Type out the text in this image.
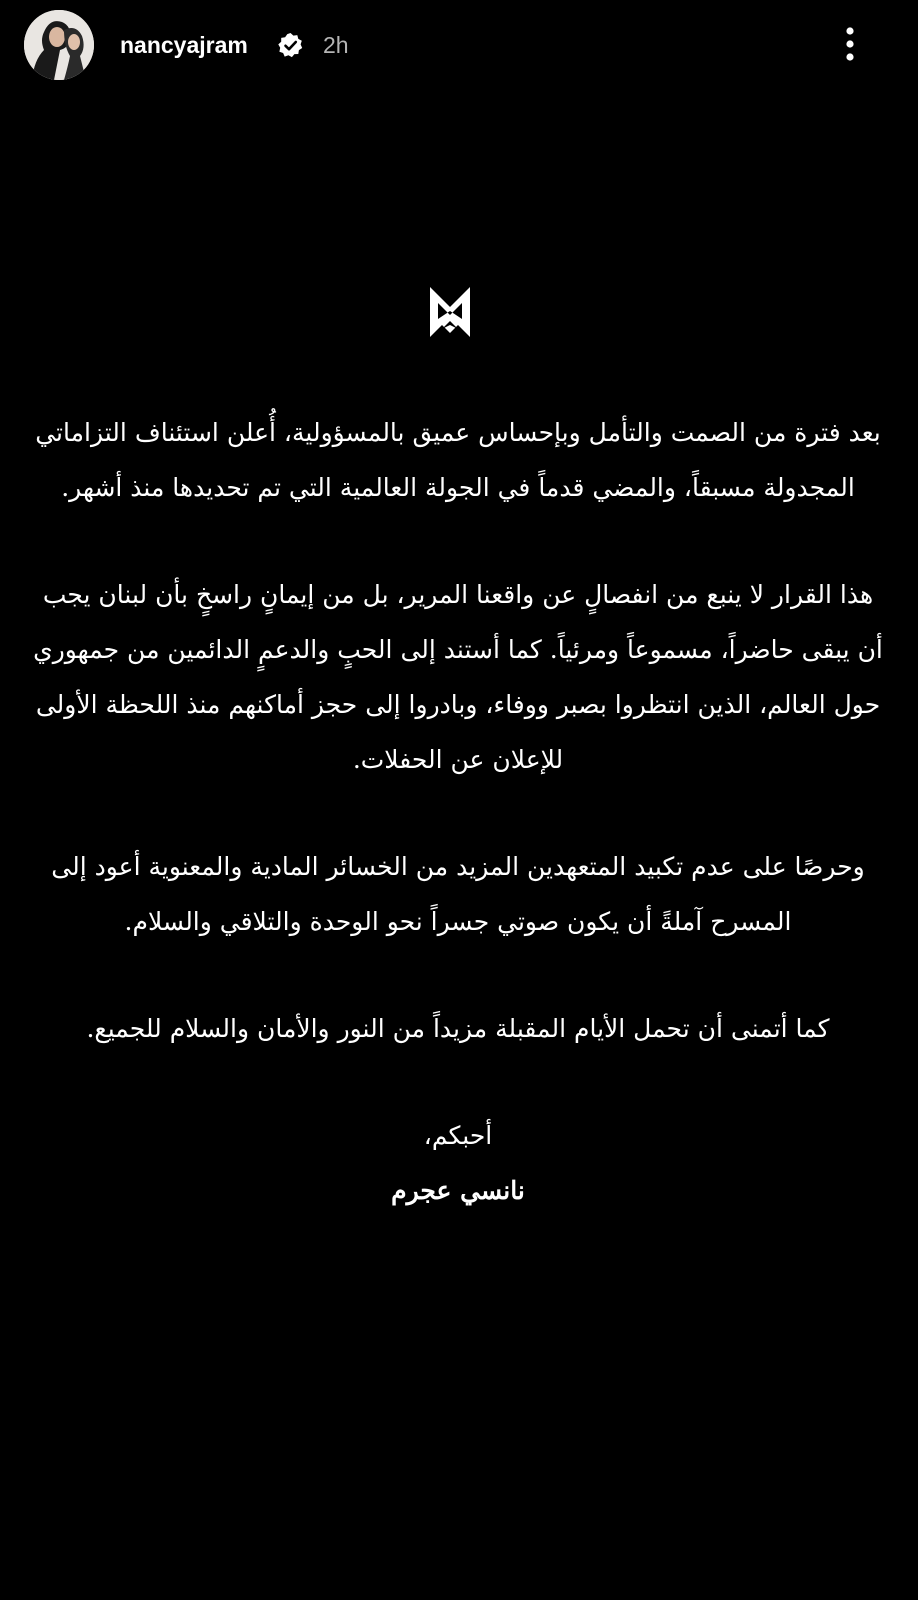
nancyajram	2h

بعد فترة من الصمت والتأمل وبإحساس عميق بالمسؤولية، أُعلن استئناف التزاماتي المجدولة مسبقاً، والمضي قدماً في الجولة العالمية التي تم تحديدها منذ أشهر.

هذا القرار لا ينبع من انفصالٍ عن واقعنا المرير، بل من إيمانٍ راسخٍ بأن لبنان يجب أن يبقى حاضراً، مسموعاً ومرئياً. كما أستند إلى الحبٍ والدعمٍ الدائمين من جمهوري حول العالم، الذين انتظروا بصبر ووفاء، وبادروا إلى حجز أماكنهم منذ اللحظة الأولى للإعلان عن الحفلات.

وحرصًا على عدم تكبيد المتعهدين المزيد من الخسائر المادية والمعنوية أعود إلى المسرح آملةً أن يكون صوتي جسراً نحو الوحدة والتلاقي والسلام.

كما أتمنى أن تحمل الأيام المقبلة مزيداً من النور والأمان والسلام للجميع.

أحبكم،

نانسي عجرم
